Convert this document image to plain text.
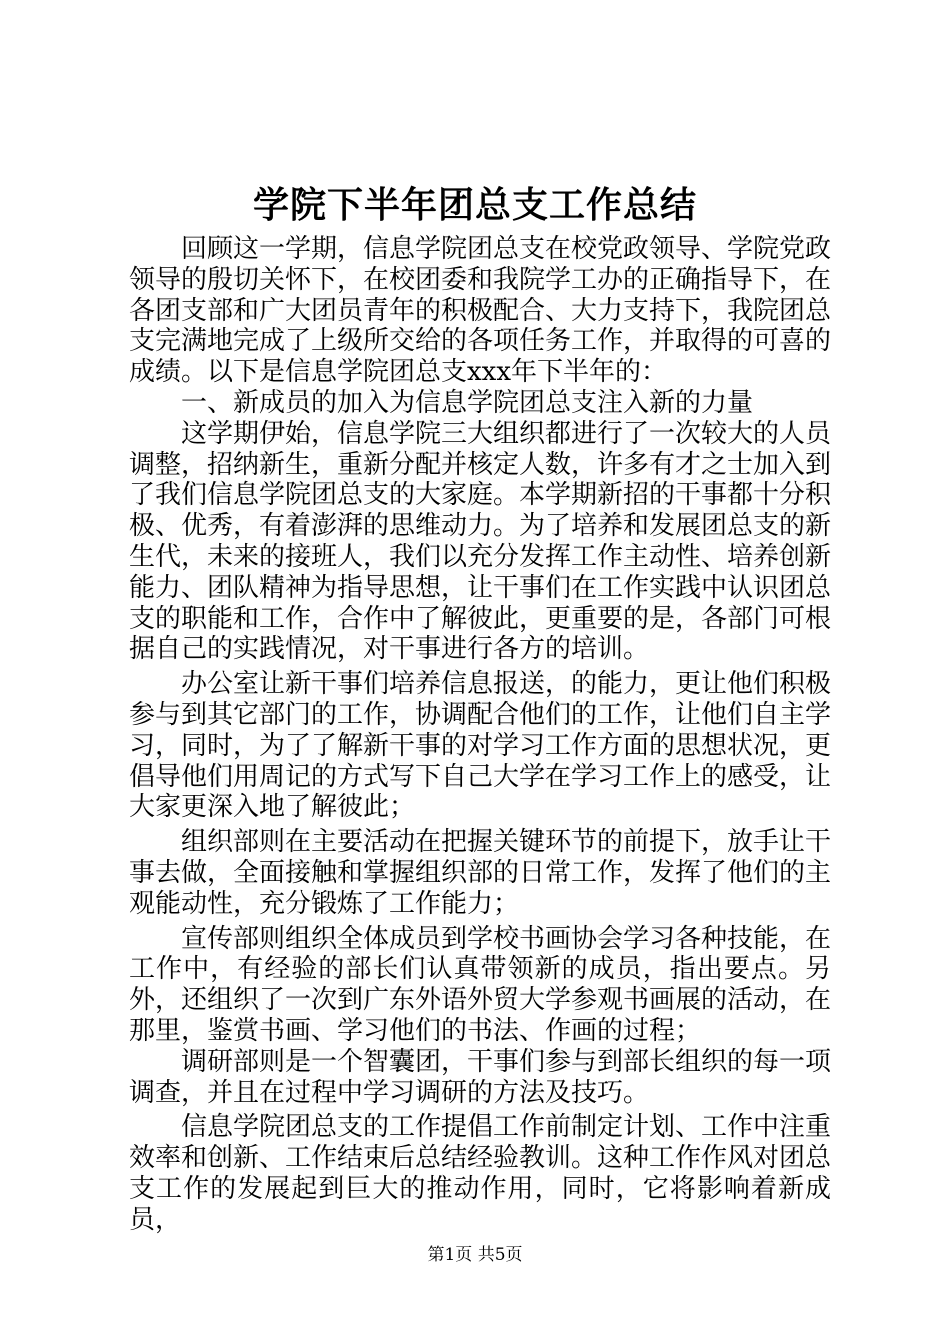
学院下半年团总支工作总结

回顾这一学期，信息学院团总支在校党政领导、学院党政领导的殷切关怀下，在校团委和我院学工办的正确指导下，在各团支部和广大团员青年的积极配合、大力支持下，我院团总支完满地完成了上级所交给的各项任务工作，并取得的可喜的成绩。以下是信息学院团总支xxx年下半年的：

一、新成员的加入为信息学院团总支注入新的力量

这学期伊始，信息学院三大组织都进行了一次较大的人员调整，招纳新生，重新分配并核定人数，许多有才之士加入到了我们信息学院团总支的大家庭。本学期新招的干事都十分积极、优秀，有着澎湃的思维动力。为了培养和发展团总支的新生代，未来的接班人，我们以充分发挥工作主动性、培养创新能力、团队精神为指导思想，让干事们在工作实践中认识团总支的职能和工作，合作中了解彼此，更重要的是，各部门可根据自己的实践情况，对干事进行各方的培训。

办公室让新干事们培养信息报送，的能力，更让他们积极参与到其它部门的工作，协调配合他们的工作，让他们自主学习，同时，为了了解新干事的对学习工作方面的思想状况，更倡导他们用周记的方式写下自己大学在学习工作上的感受，让大家更深入地了解彼此；

组织部则在主要活动在把握关键环节的前提下，放手让干事去做，全面接触和掌握组织部的日常工作，发挥了他们的主观能动性，充分锻炼了工作能力；

宣传部则组织全体成员到学校书画协会学习各种技能，在工作中，有经验的部长们认真带领新的成员，指出要点。另外，还组织了一次到广东外语外贸大学参观书画展的活动，在那里，鉴赏书画、学习他们的书法、作画的过程；

调研部则是一个智囊团，干事们参与到部长组织的每一项调查，并且在过程中学习调研的方法及技巧。

信息学院团总支的工作提倡工作前制定计划、工作中注重效率和创新、工作结束后总结经验教训。这种工作作风对团总支工作的发展起到巨大的推动作用，同时，它将影响着新成员，

第1页 共5页
